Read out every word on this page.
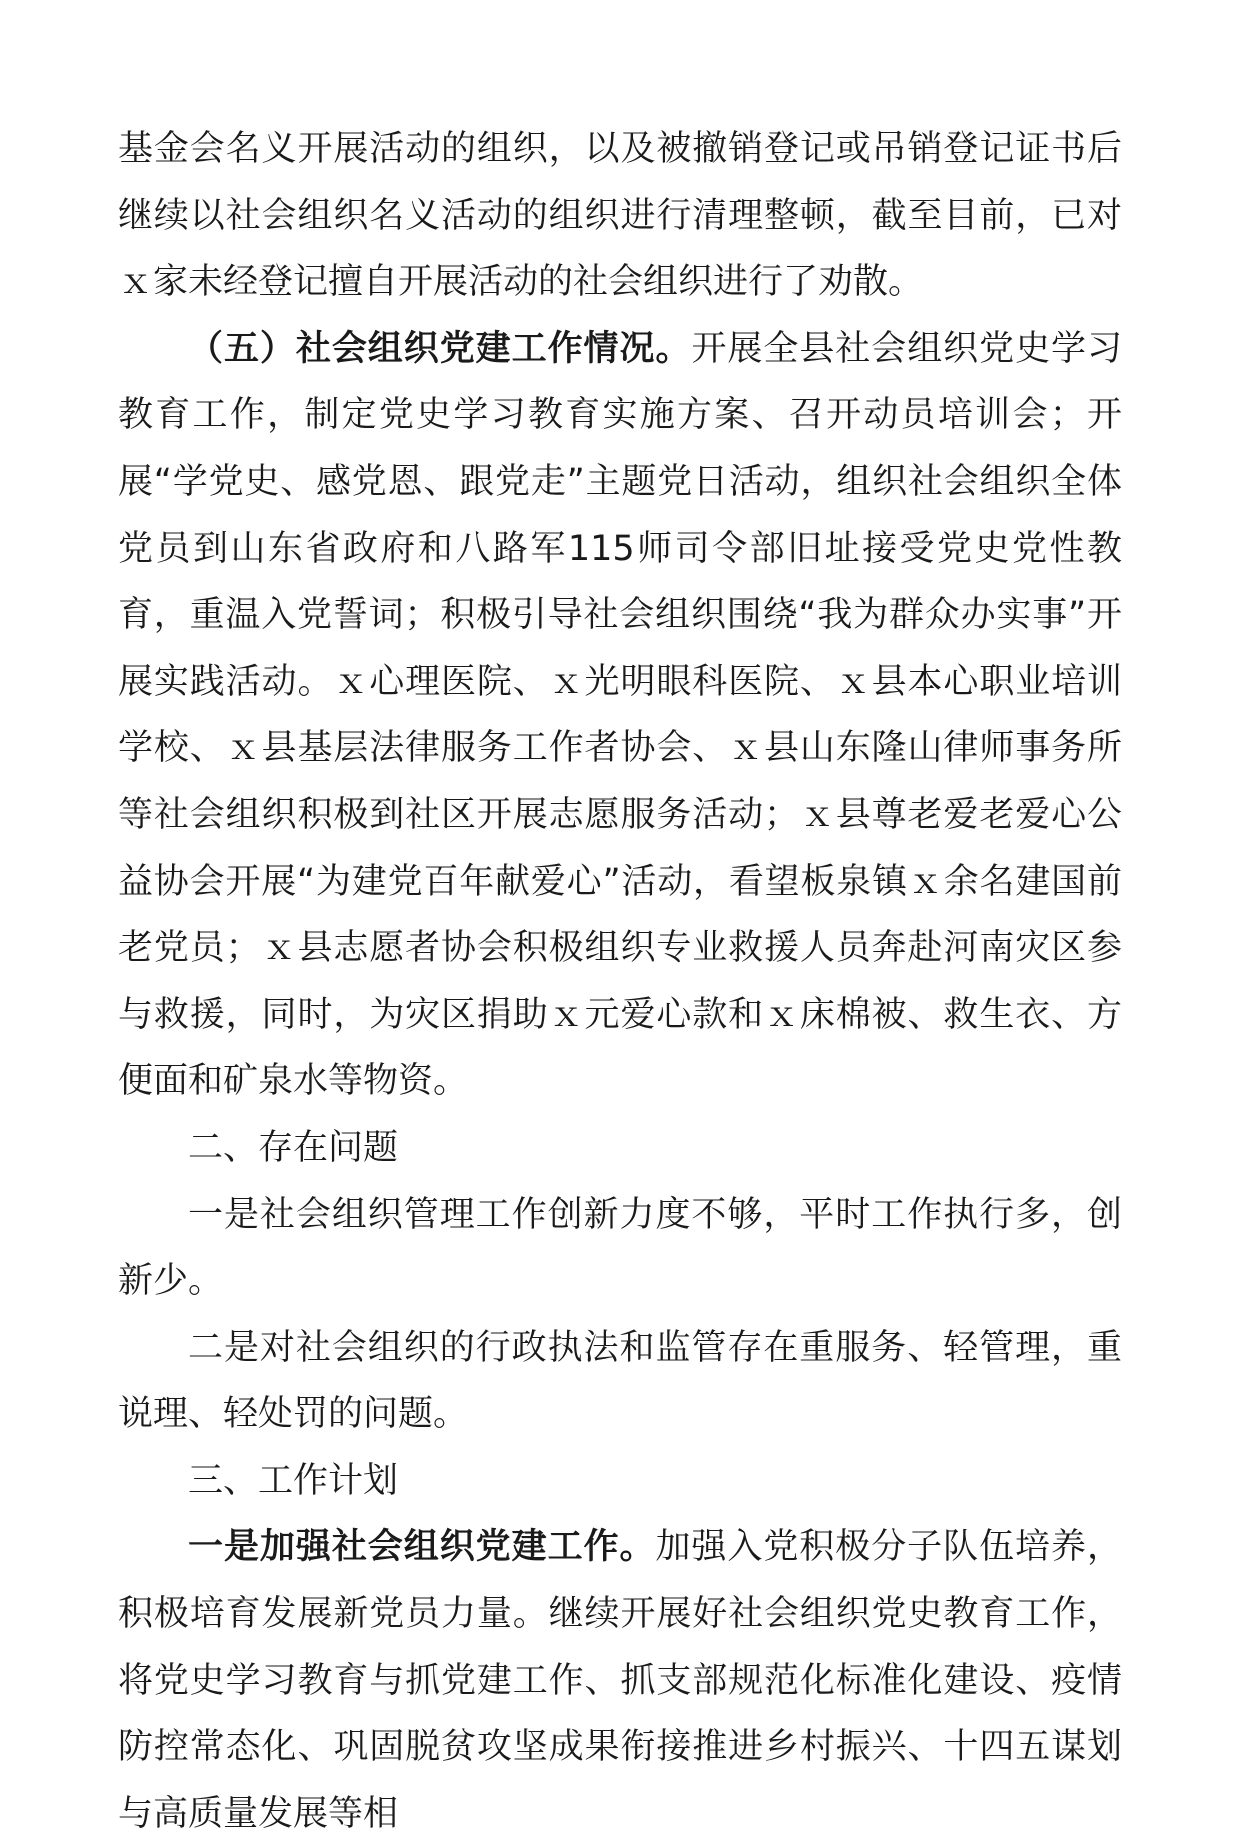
基金会名义开展活动的组织，以及被撤销登记或吊销登记证书后继续以社会组织名义活动的组织进行清理整顿，截至目前，已对ｘ家未经登记擅自开展活动的社会组织进行了劝散。

（五）社会组织党建工作情况。开展全县社会组织党史学习教育工作，制定党史学习教育实施方案、召开动员培训会；开展“学党史、感党恩、跟党走”主题党日活动，组织社会组织全体党员到山东省政府和八路军115师司令部旧址接受党史党性教育，重温入党誓词；积极引导社会组织围绕“我为群众办实事”开展实践活动。ｘ心理医院、ｘ光明眼科医院、ｘ县本心职业培训学校、ｘ县基层法律服务工作者协会、ｘ县山东隆山律师事务所等社会组织积极到社区开展志愿服务活动；ｘ县尊老爱老爱心公益协会开展“为建党百年献爱心”活动，看望板泉镇ｘ余名建国前老党员；ｘ县志愿者协会积极组织专业救援人员奔赴河南灾区参与救援，同时，为灾区捐助ｘ元爱心款和ｘ床棉被、救生衣、方便面和矿泉水等物资。

二、存在问题

一是社会组织管理工作创新力度不够，平时工作执行多，创新少。

二是对社会组织的行政执法和监管存在重服务、轻管理，重说理、轻处罚的问题。

三、工作计划

一是加强社会组织党建工作。加强入党积极分子队伍培养，积极培育发展新党员力量。继续开展好社会组织党史教育工作，将党史学习教育与抓党建工作、抓支部规范化标准化建设、疫情防控常态化、巩固脱贫攻坚成果衔接推进乡村振兴、十四五谋划与高质量发展等相
